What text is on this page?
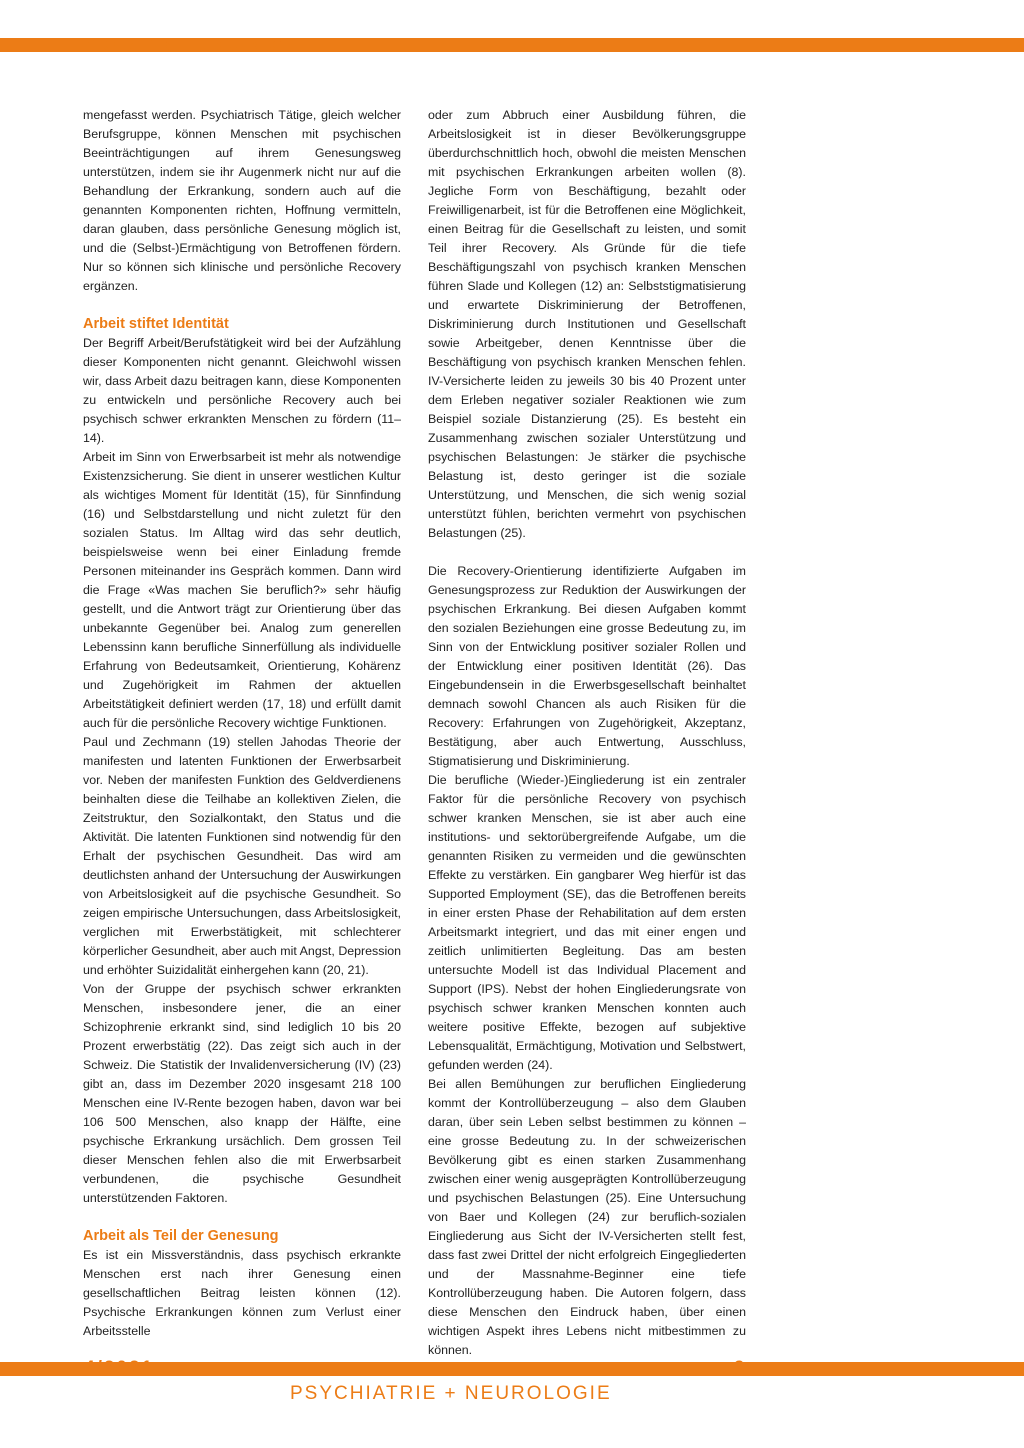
FORTBILDUNG

mengefasst werden. Psychiatrisch Tätige, gleich welcher Berufsgruppe, können Menschen mit psychischen Beeinträchtigungen auf ihrem Genesungsweg unterstützen, indem sie ihr Augenmerk nicht nur auf die Behandlung der Erkrankung, sondern auch auf die genannten Komponenten richten, Hoffnung vermitteln, daran glauben, dass persönliche Genesung möglich ist, und die (Selbst-)Ermächtigung von Betroffenen fördern. Nur so können sich klinische und persönliche Recovery ergänzen.

Arbeit stiftet Identität

Der Begriff Arbeit/Berufstätigkeit wird bei der Aufzählung dieser Komponenten nicht genannt. Gleichwohl wissen wir, dass Arbeit dazu beitragen kann, diese Komponenten zu entwickeln und persönliche Recovery auch bei psychisch schwer erkrankten Menschen zu fördern (11–14).

Arbeit im Sinn von Erwerbsarbeit ist mehr als notwendige Existenzsicherung. Sie dient in unserer westlichen Kultur als wichtiges Moment für Identität (15), für Sinnfindung (16) und Selbstdarstellung und nicht zuletzt für den sozialen Status. Im Alltag wird das sehr deutlich, beispielsweise wenn bei einer Einladung fremde Personen miteinander ins Gespräch kommen. Dann wird die Frage «Was machen Sie beruflich?» sehr häufig gestellt, und die Antwort trägt zur Orientierung über das unbekannte Gegenüber bei. Analog zum generellen Lebenssinn kann berufliche Sinnerfüllung als individuelle Erfahrung von Bedeutsamkeit, Orientierung, Kohärenz und Zugehörigkeit im Rahmen der aktuellen Arbeitstätigkeit definiert werden (17, 18) und erfüllt damit auch für die persönliche Recovery wichtige Funktionen.

Paul und Zechmann (19) stellen Jahodas Theorie der manifesten und latenten Funktionen der Erwerbsarbeit vor. Neben der manifesten Funktion des Geldverdienens beinhalten diese die Teilhabe an kollektiven Zielen, die Zeitstruktur, den Sozialkontakt, den Status und die Aktivität. Die latenten Funktionen sind notwendig für den Erhalt der psychischen Gesundheit. Das wird am deutlichsten anhand der Untersuchung der Auswirkungen von Arbeitslosigkeit auf die psychische Gesundheit. So zeigen empirische Untersuchungen, dass Arbeitslosigkeit, verglichen mit Erwerbstätigkeit, mit schlechterer körperlicher Gesundheit, aber auch mit Angst, Depression und erhöhter Suizidalität einhergehen kann (20, 21).

Von der Gruppe der psychisch schwer erkrankten Menschen, insbesondere jener, die an einer Schizophrenie erkrankt sind, sind lediglich 10 bis 20 Prozent erwerbstätig (22). Das zeigt sich auch in der Schweiz. Die Statistik der Invalidenversicherung (IV) (23) gibt an, dass im Dezember 2020 insgesamt 218 100 Menschen eine IV-Rente bezogen haben, davon war bei 106 500 Menschen, also knapp der Hälfte, eine psychische Erkrankung ursächlich. Dem grossen Teil dieser Menschen fehlen also die mit Erwerbsarbeit verbundenen, die psychische Gesundheit unterstützenden Faktoren.

Arbeit als Teil der Genesung

Es ist ein Missverständnis, dass psychisch erkrankte Menschen erst nach ihrer Genesung einen gesellschaftlichen Beitrag leisten können (12). Psychische Erkrankungen können zum Verlust einer Arbeitsstelle

oder zum Abbruch einer Ausbildung führen, die Arbeitslosigkeit ist in dieser Bevölkerungsgruppe überdurchschnittlich hoch, obwohl die meisten Menschen mit psychischen Erkrankungen arbeiten wollen (8). Jegliche Form von Beschäftigung, bezahlt oder Freiwilligenarbeit, ist für die Betroffenen eine Möglichkeit, einen Beitrag für die Gesellschaft zu leisten, und somit Teil ihrer Recovery. Als Gründe für die tiefe Beschäftigungszahl von psychisch kranken Menschen führen Slade und Kollegen (12) an: Selbststigmatisierung und erwartete Diskriminierung der Betroffenen, Diskriminierung durch Institutionen und Gesellschaft sowie Arbeitgeber, denen Kenntnisse über die Beschäftigung von psychisch kranken Menschen fehlen. IV-Versicherte leiden zu jeweils 30 bis 40 Prozent unter dem Erleben negativer sozialer Reaktionen wie zum Beispiel soziale Distanzierung (25). Es besteht ein Zusammenhang zwischen sozialer Unterstützung und psychischen Belastungen: Je stärker die psychische Belastung ist, desto geringer ist die soziale Unterstützung, und Menschen, die sich wenig sozial unterstützt fühlen, berichten vermehrt von psychischen Belastungen (25).

Die Recovery-Orientierung identifizierte Aufgaben im Genesungsprozess zur Reduktion der Auswirkungen der psychischen Erkrankung. Bei diesen Aufgaben kommt den sozialen Beziehungen eine grosse Bedeutung zu, im Sinn von der Entwicklung positiver sozialer Rollen und der Entwicklung einer positiven Identität (26). Das Eingebundensein in die Erwerbsgesellschaft beinhaltet demnach sowohl Chancen als auch Risiken für die Recovery: Erfahrungen von Zugehörigkeit, Akzeptanz, Bestätigung, aber auch Entwertung, Ausschluss, Stigmatisierung und Diskriminierung.

Die berufliche (Wieder-)Eingliederung ist ein zentraler Faktor für die persönliche Recovery von psychisch schwer kranken Menschen, sie ist aber auch eine institutions- und sektorübergreifende Aufgabe, um die genannten Risiken zu vermeiden und die gewünschten Effekte zu verstärken. Ein gangbarer Weg hierfür ist das Supported Employment (SE), das die Betroffenen bereits in einer ersten Phase der Rehabilitation auf dem ersten Arbeitsmarkt integriert, und das mit einer engen und zeitlich unlimitierten Begleitung. Das am besten untersuchte Modell ist das Individual Placement and Support (IPS). Nebst der hohen Eingliederungsrate von psychisch schwer kranken Menschen konnten auch weitere positive Effekte, bezogen auf subjektive Lebensqualität, Ermächtigung, Motivation und Selbstwert, gefunden werden (24).

Bei allen Bemühungen zur beruflichen Eingliederung kommt der Kontrollüberzeugung – also dem Glauben daran, über sein Leben selbst bestimmen zu können – eine grosse Bedeutung zu. In der schweizerischen Bevölkerung gibt es einen starken Zusammenhang zwischen einer wenig ausgeprägten Kontrollüberzeugung und psychischen Belastungen (25). Eine Untersuchung von Baer und Kollegen (24) zur beruflich-sozialen Eingliederung aus Sicht der IV-Versicherten stellt fest, dass fast zwei Drittel der nicht erfolgreich Eingegliederten und der Massnahme-Beginner eine tiefe Kontrollüberzeugung haben. Die Autoren folgern, dass diese Menschen den Eindruck haben, über einen wichtigen Aspekt ihres Lebens nicht mitbestimmen zu können.

4/2021	9
PSYCHIATRIE + NEUROLOGIE
